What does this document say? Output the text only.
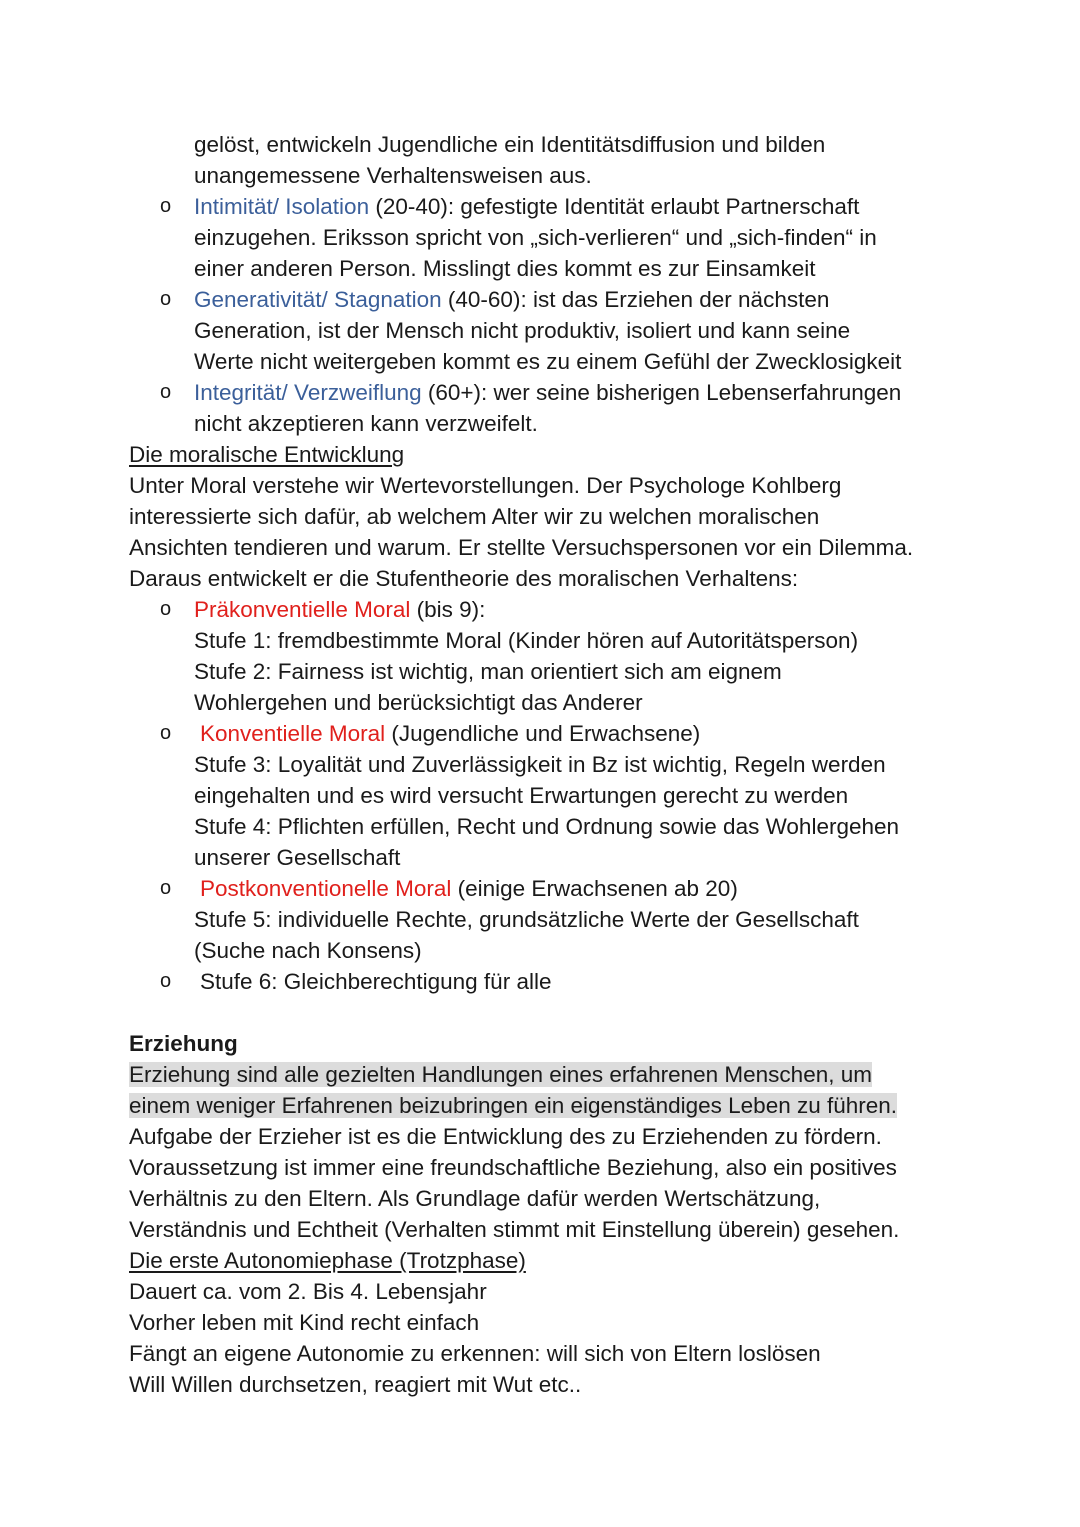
gelöst, entwickeln Jugendliche ein Identitätsdiffusion und bilden
unangemessene Verhaltensweisen aus.
o Intimität/ Isolation (20-40): gefestigte Identität erlaubt Partnerschaft
einzugehen. Eriksson spricht von „sich-verlieren“ und „sich-finden“ in
einer anderen Person. Misslingt dies kommt es zur Einsamkeit
o Generativität/ Stagnation (40-60): ist das Erziehen der nächsten
Generation, ist der Mensch nicht produktiv, isoliert und kann seine
Werte nicht weitergeben kommt es zu einem Gefühl der Zwecklosigkeit
o Integrität/ Verzweiflung (60+): wer seine bisherigen Lebenserfahrungen
nicht akzeptieren kann verzweifelt.
Die moralische Entwicklung
Unter Moral verstehe wir Wertevorstellungen. Der Psychologe Kohlberg
interessierte sich dafür, ab welchem Alter wir zu welchen moralischen
Ansichten tendieren und warum. Er stellte Versuchspersonen vor ein Dilemma.
Daraus entwickelt er die Stufentheorie des moralischen Verhaltens:
o Präkonventielle Moral (bis 9):
Stufe 1: fremdbestimmte Moral (Kinder hören auf Autoritätsperson)
Stufe 2: Fairness ist wichtig, man orientiert sich am eignem
Wohlergehen und berücksichtigt das Anderer
o Konventielle Moral (Jugendliche und Erwachsene)
Stufe 3: Loyalität und Zuverlässigkeit in Bz ist wichtig, Regeln werden
eingehalten und es wird versucht Erwartungen gerecht zu werden
Stufe 4: Pflichten erfüllen, Recht und Ordnung sowie das Wohlergehen
unserer Gesellschaft
o Postkonventionelle Moral (einige Erwachsenen ab 20)
Stufe 5: individuelle Rechte, grundsätzliche Werte der Gesellschaft
(Suche nach Konsens)
o Stufe 6: Gleichberechtigung für alle
Erziehung
Erziehung sind alle gezielten Handlungen eines erfahrenen Menschen, um
einem weniger Erfahrenen beizubringen ein eigenständiges Leben zu führen.
Aufgabe der Erzieher ist es die Entwicklung des zu Erziehenden zu fördern.
Voraussetzung ist immer eine freundschaftliche Beziehung, also ein positives
Verhältnis zu den Eltern. Als Grundlage dafür werden Wertschätzung,
Verständnis und Echtheit (Verhalten stimmt mit Einstellung überein) gesehen.
Die erste Autonomiephase (Trotzphase)
Dauert ca. vom 2. Bis 4. Lebensjahr
Vorher leben mit Kind recht einfach
Fängt an eigene Autonomie zu erkennen: will sich von Eltern loslösen
Will Willen durchsetzen, reagiert mit Wut etc..
